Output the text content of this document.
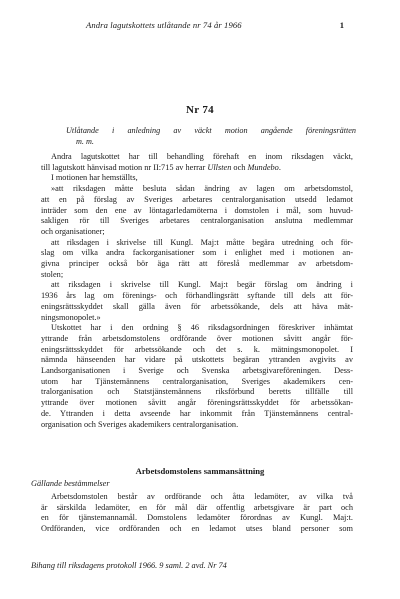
Andra lagutskottets utlåtande nr 74 år 1966	1
Nr 74
Utlåtande i anledning av väckt motion angående föreningsrätten
m. m.

Andra lagutskottet har till behandling förehaft en inom riksdagen väckt,
till lagutskott hänvisad motion nr II:715 av herrar Ullsten och Mundebo.

I motionen har hemställts,

»att riksdagen måtte besluta sådan ändring av lagen om arbetsdomstol,
att en på förslag av Sveriges arbetares centralorganisation utsedd ledamot
inträder som den ene av löntagarledamöterna i domstolen i mål, som huvud-
sakligen rör till Sveriges arbetares centralorganisation anslutna medlemmar
och organisationer;

att riksdagen i skrivelse till Kungl. Maj:t måtte begära utredning och för-
slag om vilka andra fackorganisationer som i enlighet med i motionen an-
givna principer också bör äga rätt att föreslå medlemmar av arbetsdom-
stolen;

att riksdagen i skrivelse till Kungl. Maj:t begär förslag om ändring i
1936 års lag om förenings- och förhandlingsrätt syftande till dels att för-
eningsrättsskyddet skall gälla även för arbetssökande, dels att häva mät-
ningsmonopolet.»

Utskottet har i den ordning § 46 riksdagsordningen föreskriver inhämtat
yttrande från arbetsdomstolens ordförande över motionen såvitt angår för-
eningsrättsskyddet för arbetssökande och det s. k. mätningsmonopolet. I
nämnda hänseenden har vidare på utskottets begäran yttranden avgivits av
Landsorganisationen i Sverige och Svenska arbetsgivareföreningen. Dess-
utom har Tjänstemännens centralorganisation, Sveriges akademikers cen-
tralorganisation och Statstjänstemännens riksförbund beretts tillfälle till
yttrande över motionen såvitt angår föreningsrättsskyddet för arbetssökan-
de. Yttranden i detta avseende har inkommit från Tjänstemännens central-
organisation och Sveriges akademikers centralorganisation.

Arbetsdomstolens sammansättning
Gällande bestämmelser

Arbetsdomstolen består av ordförande och åtta ledamöter, av vilka två
är särskilda ledamöter, en för mål där offentlig arbetsgivare är part och
en för tjänstemannamål. Domstolens ledamöter förordnas av Kungl. Maj:t.
Ordföranden, vice ordföranden och en ledamot utses bland personer som

Bihang till riksdagens protokoll 1966. 9 saml. 2 avd. Nr 74
